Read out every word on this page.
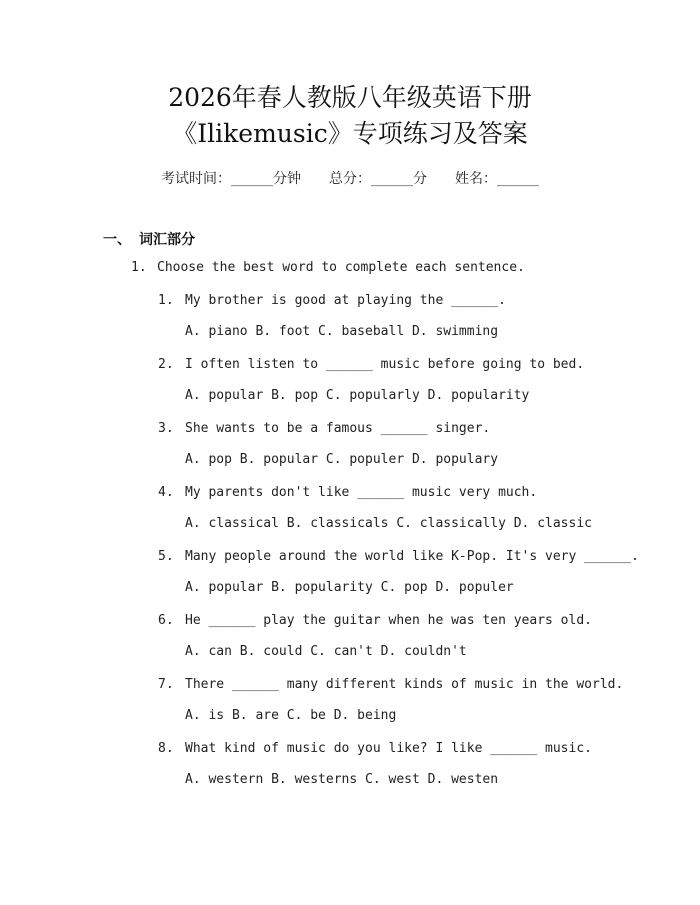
2026年春人教版八年级英语下册
《Ilikemusic》专项练习及答案
考试时间：______分钟 总分：______分 姓名：______
一、 词汇部分
1. Choose the best word to complete each sentence.
1. My brother is good at playing the ______.
A. piano B. foot C. baseball D. swimming
2. I often listen to ______ music before going to bed.
A. popular B. pop C. popularly D. popularity
3. She wants to be a famous ______ singer.
A. pop B. popular C. populer D. populary
4. My parents don't like ______ music very much.
A. classical B. classicals C. classically D. classic
5. Many people around the world like K-Pop. It's very ______.
A. popular B. popularity C. pop D. populer
6. He ______ play the guitar when he was ten years old.
A. can B. could C. can't D. couldn't
7. There ______ many different kinds of music in the world.
A. is B. are C. be D. being
8. What kind of music do you like? I like ______ music.
A. western B. westerns C. west D. westen
